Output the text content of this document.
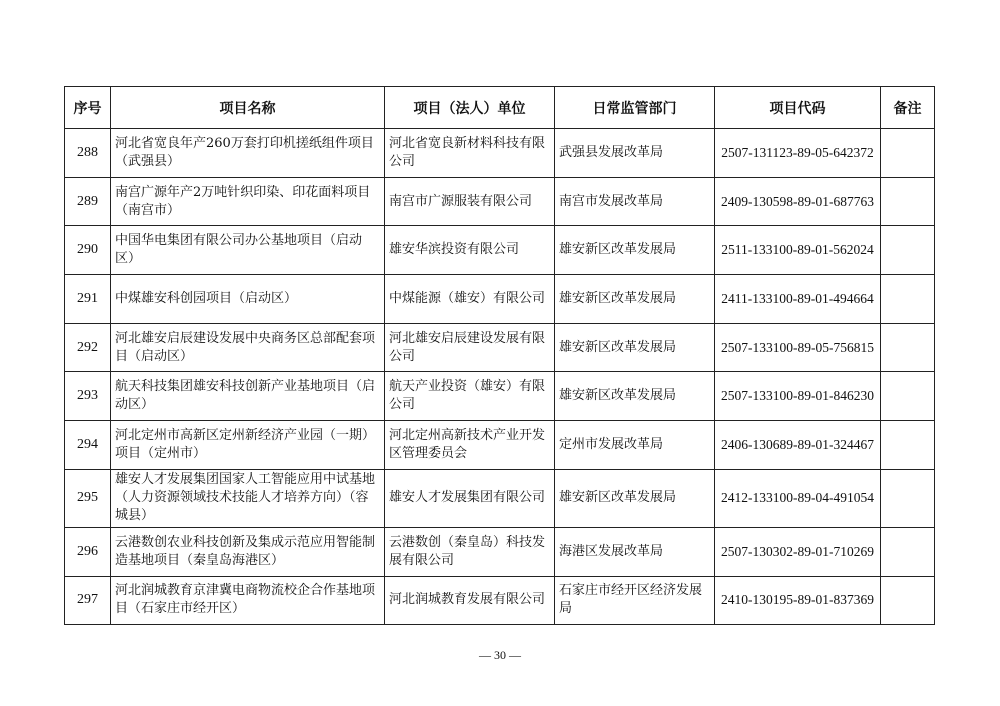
序号	项目名称	项目（法人）单位	日常监管部门	项目代码	备注
288	河北省宽良年产260万套打印机搓纸组件项目（武强县）	河北省宽良新材料科技有限公司	武强县发展改革局	2507-131123-89-05-642372	
289	南宫广源年产2万吨针织印染、印花面料项目（南宫市）	南宫市广源服装有限公司	南宫市发展改革局	2409-130598-89-01-687763	
290	中国华电集团有限公司办公基地项目（启动区）	雄安华滨投资有限公司	雄安新区改革发展局	2511-133100-89-01-562024	
291	中煤雄安科创园项目（启动区）	中煤能源（雄安）有限公司	雄安新区改革发展局	2411-133100-89-01-494664	
292	河北雄安启辰建设发展中央商务区总部配套项目（启动区）	河北雄安启辰建设发展有限公司	雄安新区改革发展局	2507-133100-89-05-756815	
293	航天科技集团雄安科技创新产业基地项目（启动区）	航天产业投资（雄安）有限公司	雄安新区改革发展局	2507-133100-89-01-846230	
294	河北定州市高新区定州新经济产业园（一期）项目（定州市）	河北定州高新技术产业开发区管理委员会	定州市发展改革局	2406-130689-89-01-324467	
295	雄安人才发展集团国家人工智能应用中试基地（人力资源领域技术技能人才培养方向）（容城县）	雄安人才发展集团有限公司	雄安新区改革发展局	2412-133100-89-04-491054	
296	云港数创农业科技创新及集成示范应用智能制造基地项目（秦皇岛海港区）	云港数创（秦皇岛）科技发展有限公司	海港区发展改革局	2507-130302-89-01-710269	
297	河北润城教育京津冀电商物流校企合作基地项目（石家庄市经开区）	河北润城教育发展有限公司	石家庄市经开区经济发展局	2410-130195-89-01-837369	
— 30 —
